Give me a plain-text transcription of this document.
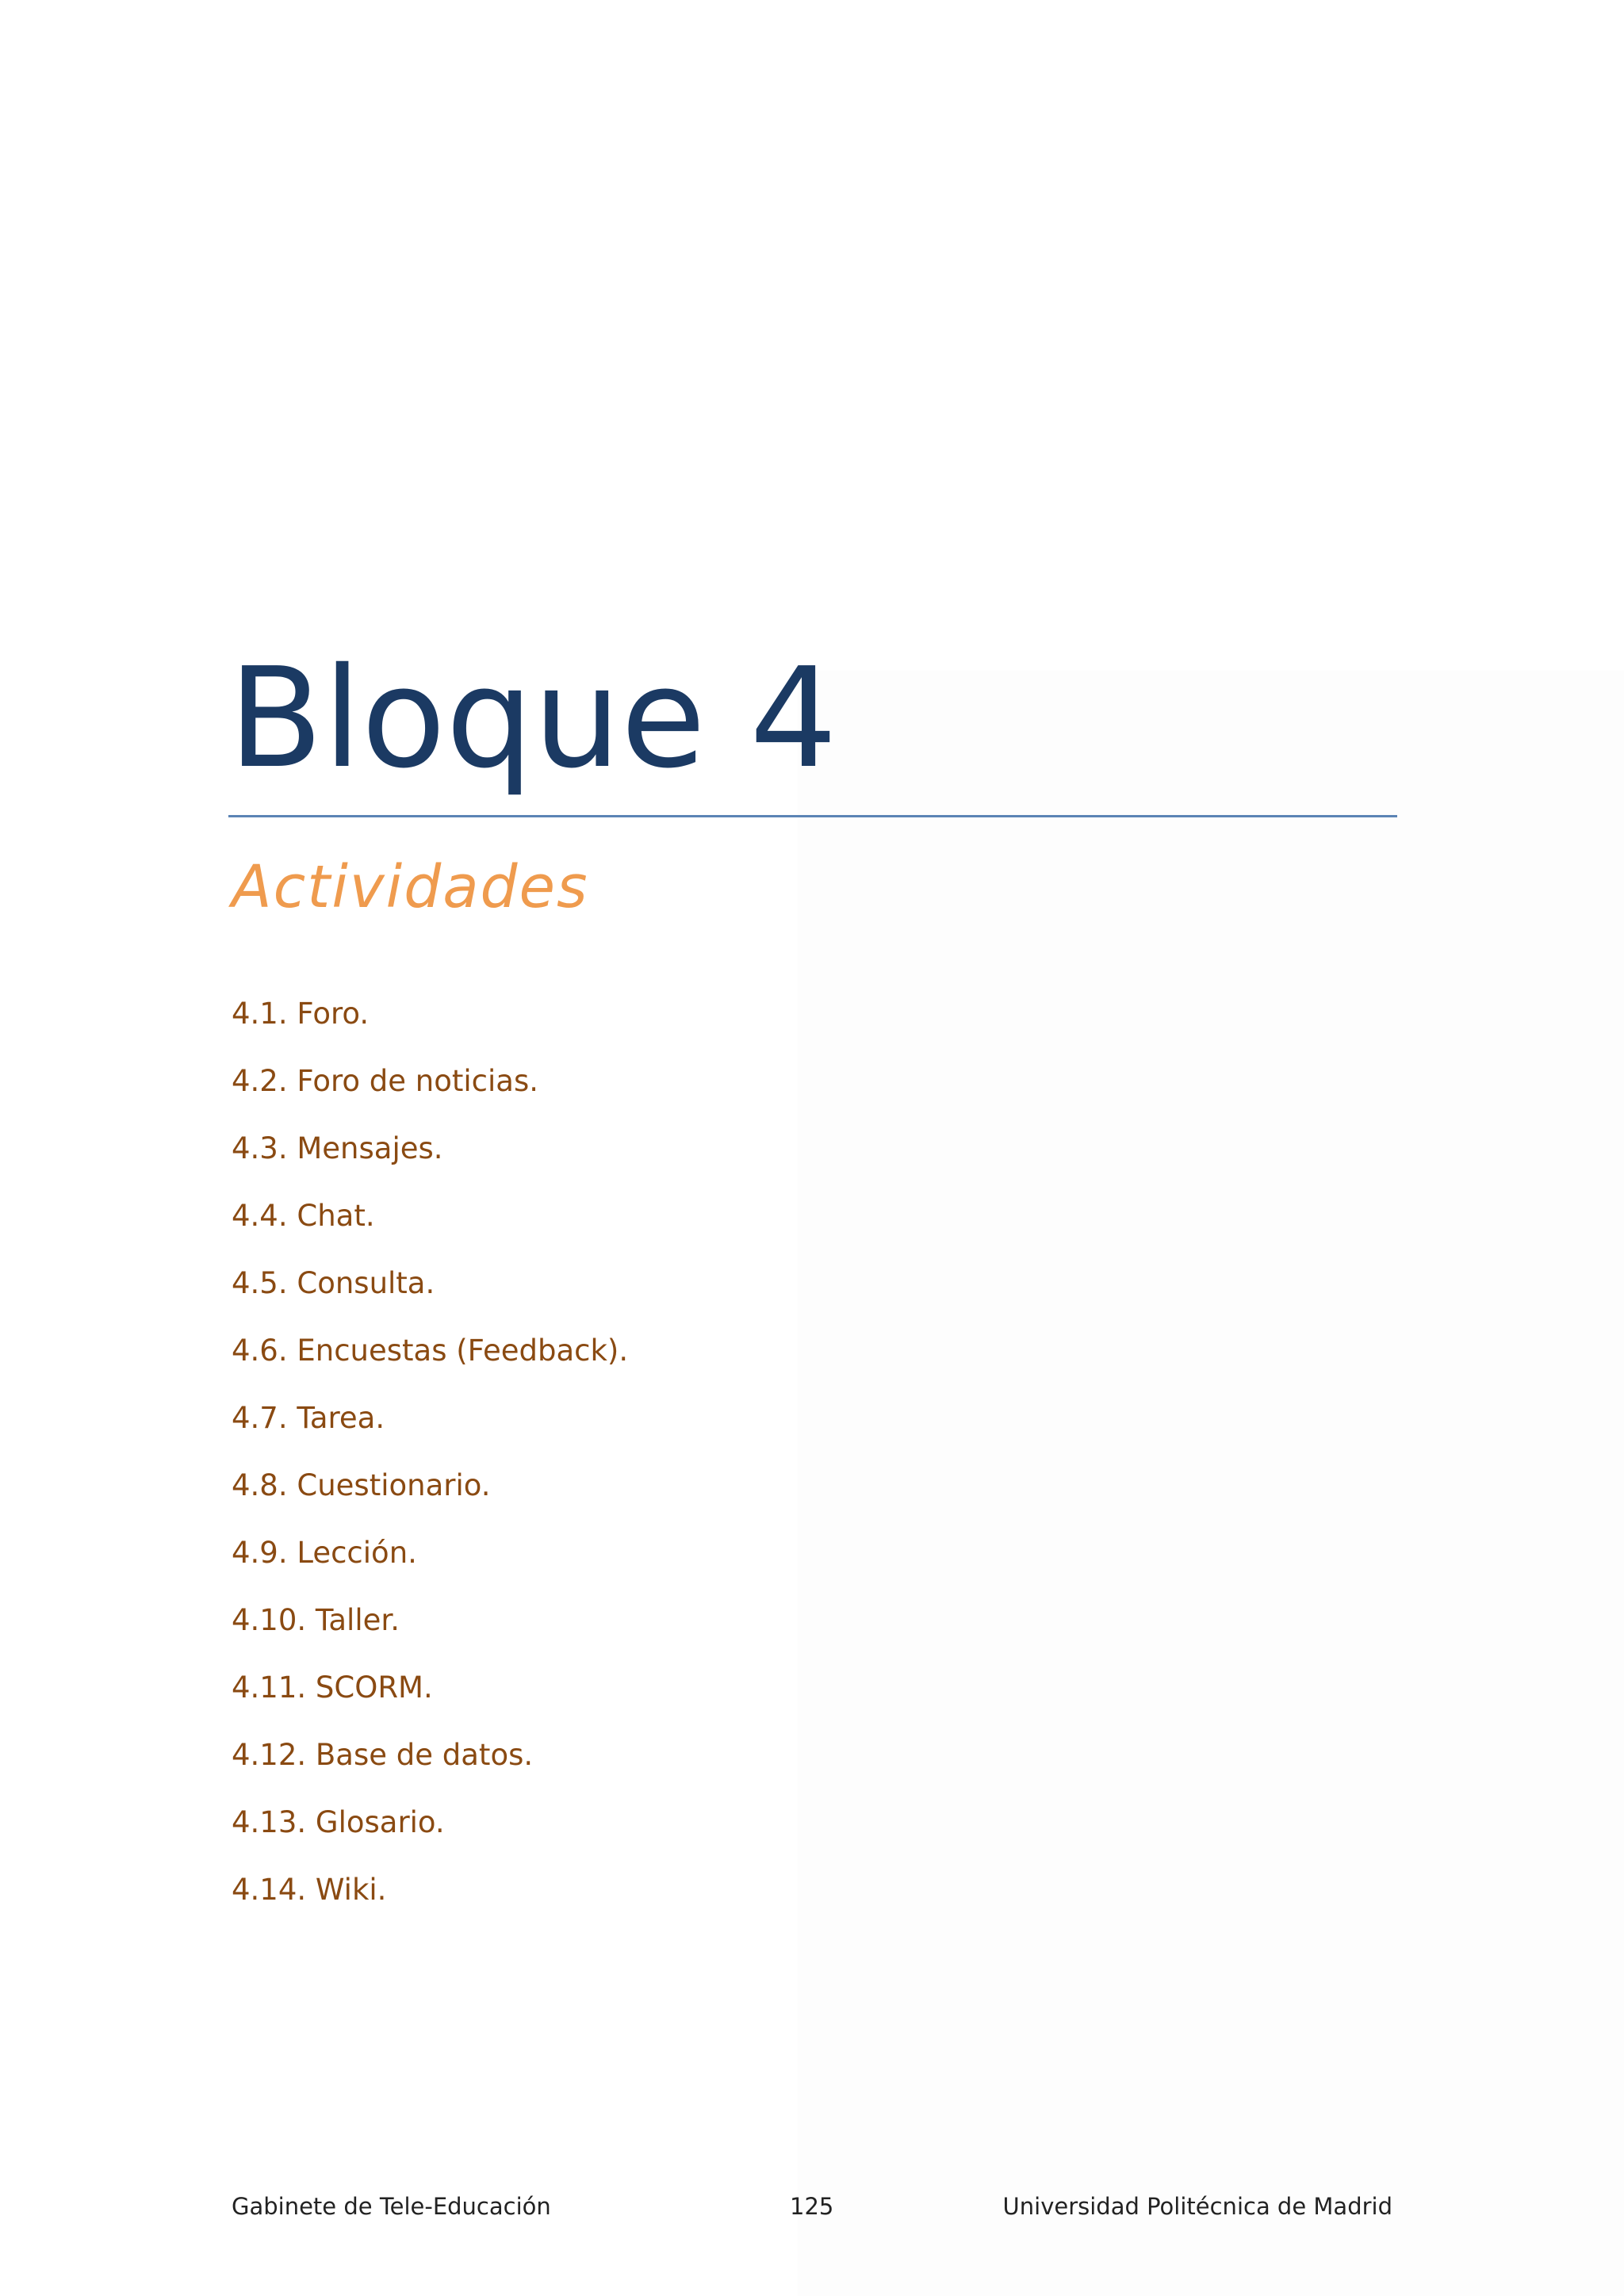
Bloque 4
Actividades
4.1. Foro.
4.2. Foro de noticias.
4.3. Mensajes.
4.4. Chat.
4.5. Consulta.
4.6. Encuestas (Feedback).
4.7. Tarea.
4.8. Cuestionario.
4.9. Lección.
4.10. Taller.
4.11. SCORM.
4.12. Base de datos.
4.13. Glosario.
4.14. Wiki.
Gabinete de Tele-Educación	125	Universidad Politécnica de Madrid
